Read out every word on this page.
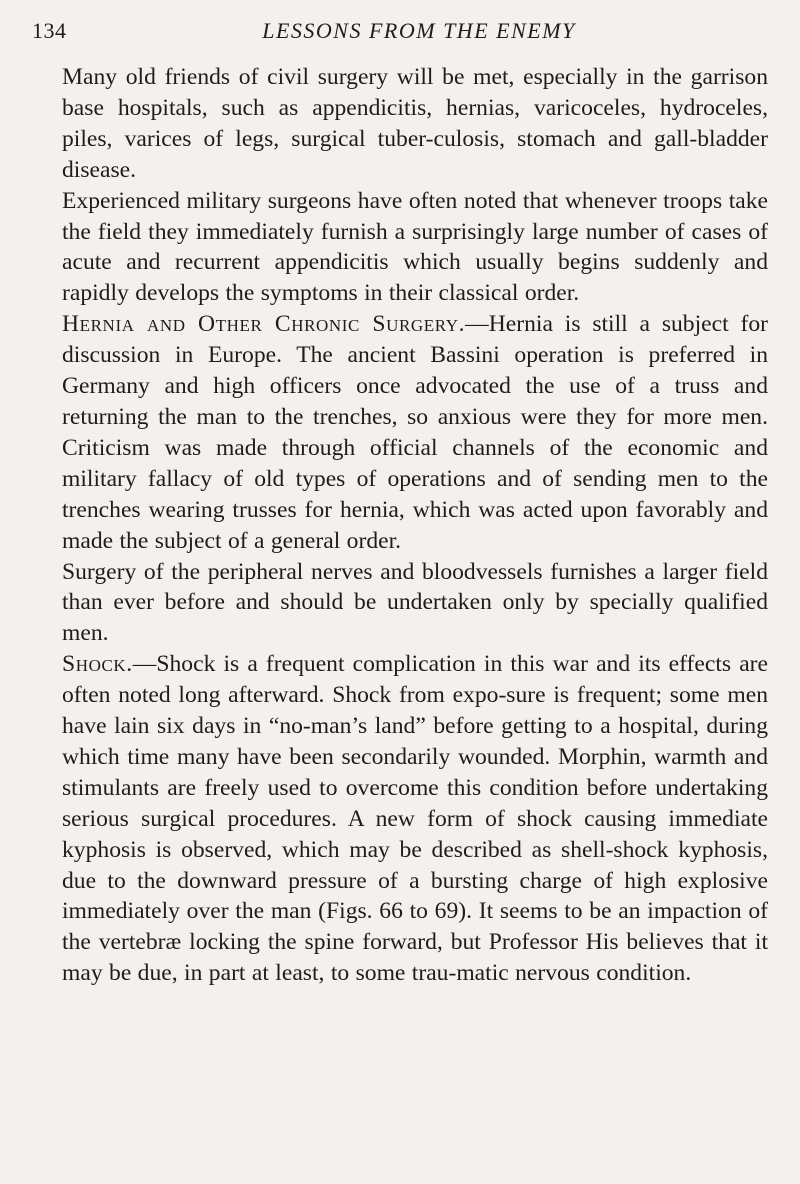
134	LESSONS FROM THE ENEMY

Many old friends of civil surgery will be met, especially in the garrison base hospitals, such as appendicitis, hernias, varicoceles, hydroceles, piles, varices of legs, surgical tuber-culosis, stomach and gall-bladder disease.

Experienced military surgeons have often noted that whenever troops take the field they immediately furnish a surprisingly large number of cases of acute and recurrent appendicitis which usually begins suddenly and rapidly develops the symptoms in their classical order.

Hernia and Other Chronic Surgery.—Hernia is still a subject for discussion in Europe. The ancient Bassini operation is preferred in Germany and high officers once advocated the use of a truss and returning the man to the trenches, so anxious were they for more men. Criticism was made through official channels of the economic and military fallacy of old types of operations and of sending men to the trenches wearing trusses for hernia, which was acted upon favorably and made the subject of a general order.

Surgery of the peripheral nerves and bloodvessels furnishes a larger field than ever before and should be undertaken only by specially qualified men.

Shock.—Shock is a frequent complication in this war and its effects are often noted long afterward. Shock from expo-sure is frequent; some men have lain six days in “no-man’s land” before getting to a hospital, during which time many have been secondarily wounded. Morphin, warmth and stimulants are freely used to overcome this condition before undertaking serious surgical procedures. A new form of shock causing immediate kyphosis is observed, which may be described as shell-shock kyphosis, due to the downward pressure of a bursting charge of high explosive immediately over the man (Figs. 66 to 69). It seems to be an impaction of the vertebræ locking the spine forward, but Professor His believes that it may be due, in part at least, to some trau-matic nervous condition.
